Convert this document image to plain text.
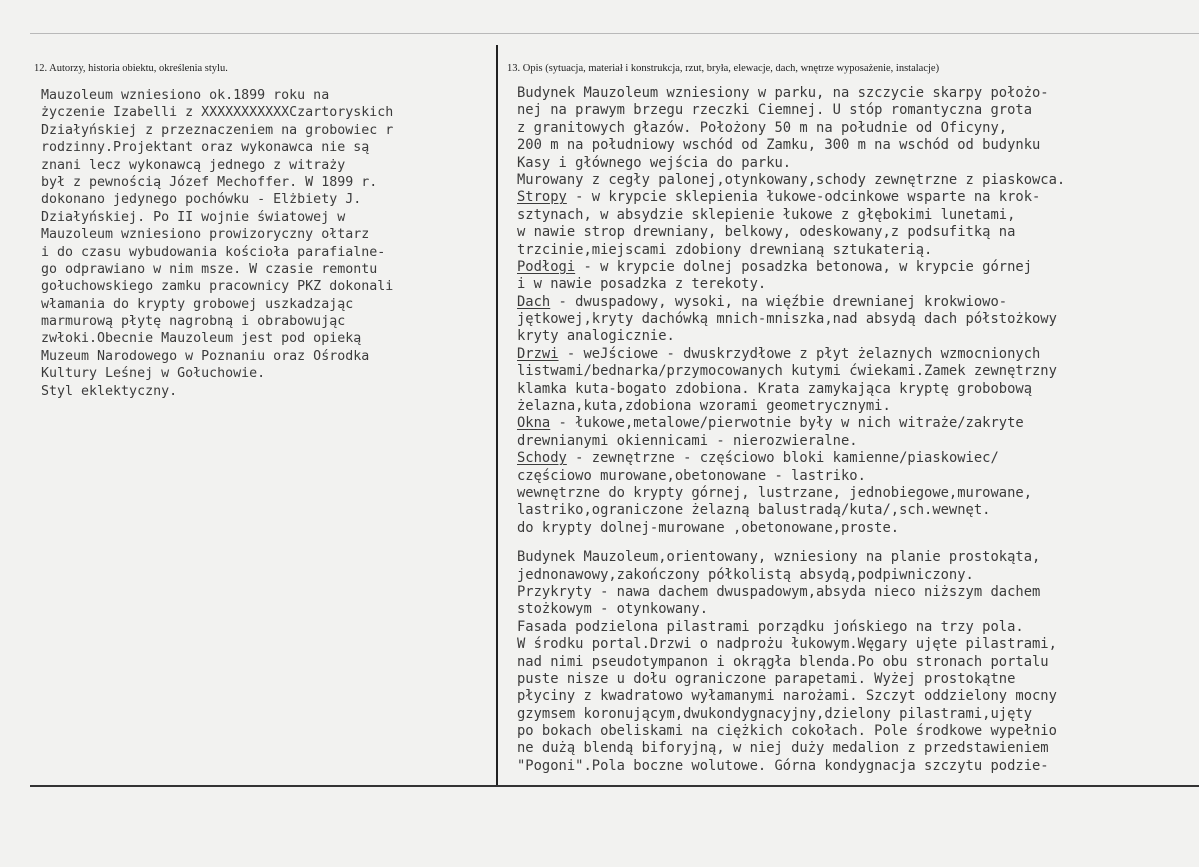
12. Autorzy, historia obiektu, określenia stylu.	13. Opis (sytuacja, materiał i konstrukcja, rzut, bryła, elewacje, dach, wnętrze wyposażenie, instalacje)
Mauzoleum wzniesiono ok.1899 roku na
życzenie Izabelli z XXXXXXXXXXXCzartoryskich
Działyńskiej z przeznaczeniem na grobowiec r
rodzinny.Projektant oraz wykonawca nie są
znani lecz wykonawcą jednego z witraży
był z pewnością Józef Mechoffer. W 1899 r.
dokonano jedynego pochówku - Elżbiety J.
Działyńskiej. Po II wojnie światowej w
Mauzoleum wzniesiono prowizoryczny ołtarz
i do czasu wybudowania kościoła parafialne-
go odprawiano w nim msze. W czasie remontu
gołuchowskiego zamku pracownicy PKZ dokonali
włamania do krypty grobowej uszkadzając
marmurową płytę nagrobną i obrabowując
zwłoki.Obecnie Mauzoleum jest pod opieką
Muzeum Narodowego w Poznaniu oraz Ośrodka
Kultury Leśnej w Gołuchowie.
Styl eklektyczny.
Budynek Mauzoleum wzniesiony w parku, na szczycie skarpy położo-
nej na prawym brzegu rzeczki Ciemnej. U stóp romantyczna grota
z granitowych głazów. Położony 50 m na południe od Oficyny,
200 m na południowy wschód od Zamku, 300 m na wschód od budynku
Kasy i głównego wejścia do parku.
Murowany z cegły palonej,otynkowany,schody zewnętrzne z piaskowca.
Stropy - w krypcie sklepienia łukowe-odcinkowe wsparte na krok-
sztynach, w absydzie sklepienie łukowe z głębokimi lunetami,
w nawie strop drewniany, belkowy, odeskowany,z podsufitką na
trzcinie,miejscami zdobiony drewnianą sztukaterią.
Podłogi - w krypcie dolnej posadzka betonowa, w krypcie górnej
i w nawie posadzka z terekoty.
Dach - dwuspadowy, wysoki, na więźbie drewnianej krokwiowo-
jętkowej,kryty dachówką mnich-mniszka,nad absydą dach półstożkowy
kryty analogicznie.
Drzwi - weJściowe - dwuskrzydłowe z płyt żelaznych wzmocnionych
listwami/bednarka/przymocowanych kutymi ćwiekami.Zamek zewnętrzny
klamka kuta-bogato zdobiona. Krata zamykająca kryptę grobobową
żelazna,kuta,zdobiona wzorami geometrycznymi.
Okna - łukowe,metalowe/pierwotnie były w nich witraże/zakryte
drewnianymi okiennicami - nierozwieralne.
Schody - zewnętrzne - częściowo bloki kamienne/piaskowiec/
częściowo murowane,obetonowane - lastriko.
wewnętrzne do krypty górnej, lustrzane, jednobiegowe,murowane,
lastriko,ograniczone żelazną balustradą/kuta/,sch.wewnęt.
do krypty dolnej-murowane ,obetonowane,proste.
Budynek Mauzoleum,orientowany, wzniesiony na planie prostokąta,
jednonawowy,zakończony półkolistą absydą,podpiwniczony.
Przykryty - nawa dachem dwuspadowym,absyda nieco niższym dachem
stożkowym - otynkowany.
Fasada podzielona pilastrami porządku jońskiego na trzy pola.
W środku portal.Drzwi o nadprożu łukowym.Węgary ujęte pilastrami,
nad nimi pseudotympanon i okrągła blenda.Po obu stronach portalu
puste nisze u dołu ograniczone parapetami. Wyżej prostokątne
płyciny z kwadratowo wyłamanymi narożami. Szczyt oddzielony mocny
gzymsem koronującym,dwukondygnacyjny,dzielony pilastrami,ujęty
po bokach obeliskami na ciężkich cokołach. Pole środkowe wypełnio
ne dużą blendą biforyjną, w niej duży medalion z przedstawieniem
"Pogoni".Pola boczne wolutowe. Górna kondygnacja szczytu podzie-
